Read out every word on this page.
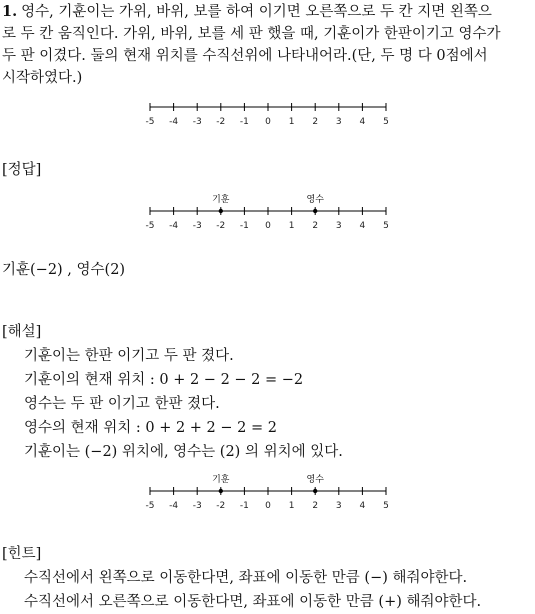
1. 영수, 기훈이는 가위, 바위, 보를 하여 이기면 오른쪽으로 두 칸 지면 왼쪽으
로 두 칸 움직인다. 가위, 바위, 보를 세 판 했을 때, 기훈이가 한판이기고 영수가
두 판 이겼다. 둘의 현재 위치를 수직선위에 나타내어라.(단, 두 명 다 0점에서
시작하였다.)
-5 -4 -3 -2 -1 0 1 2 3 4 5
[정답]
-5 -4 -3 -2 -1 0 1 2 3 4 5
기훈	영수
기훈(−2) , 영수(2)
[해설]
기훈이는 한판 이기고 두 판 졌다.
기훈이의 현재 위치 : 0 + 2 − 2 − 2 = −2
영수는 두 판 이기고 한판 졌다.
영수의 현재 위치 : 0 + 2 + 2 − 2 = 2
기훈이는 (−2) 위치에, 영수는 (2) 의 위치에 있다.
-5 -4 -3 -2 -1 0 1 2 3 4 5
기훈	영수
[힌트]
수직선에서 왼쪽으로 이동한다면, 좌표에 이동한 만큼 (−) 해줘야한다.
수직선에서 오른쪽으로 이동한다면, 좌표에 이동한 만큼 (+) 해줘야한다.
